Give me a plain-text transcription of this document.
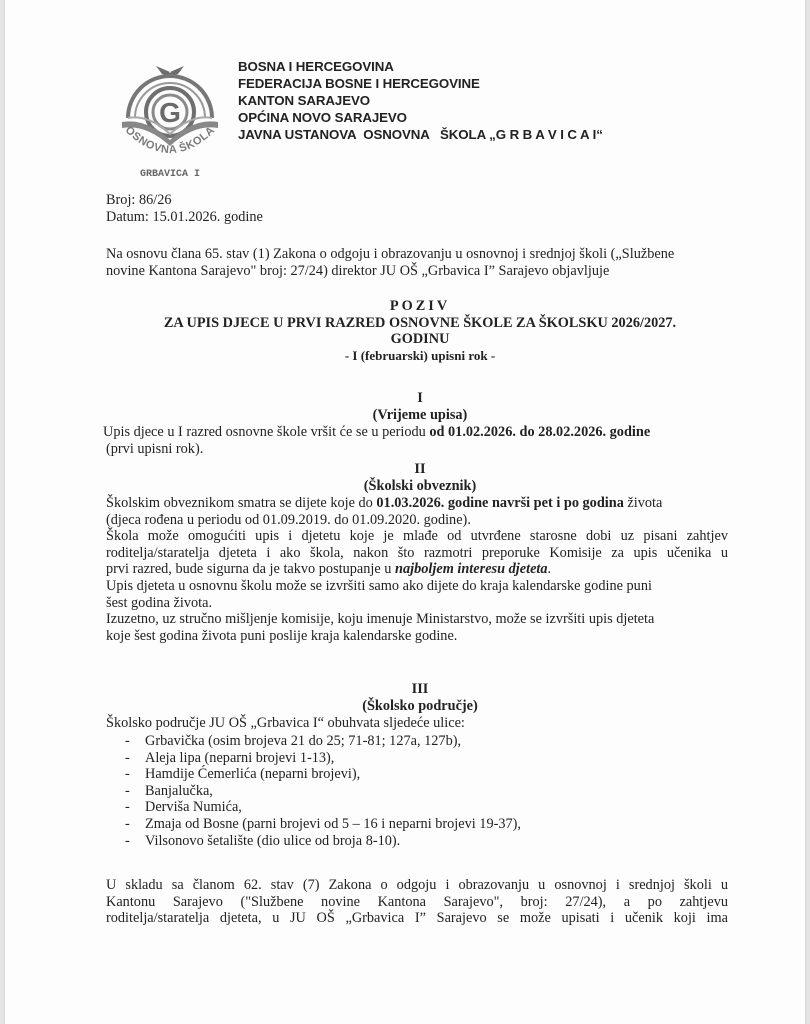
I
G
OSNOVNA ŠKOLA
GRBAVICA I
BOSNA I HERCEGOVINA
FEDERACIJA BOSNE I HERCEGOVINE
KANTON SARAJEVO
OPĆINA NOVO SARAJEVO
JAVNA USTANOVA  OSNOVNA   ŠKOLA „G R B A V I C A I“
Broj: 86/26
Datum: 15.01.2026. godine
Na osnovu člana 65. stav (1) Zakona o odgoju i obrazovanju u osnovnoj i srednjoj školi („Službene
novine Kantona Sarajevo" broj: 27/24) direktor JU OŠ „Grbavica I” Sarajevo objavljuje
POZIV
ZA UPIS DJECE U PRVI RAZRED OSNOVNE ŠKOLE ZA ŠKOLSKU 2026/2027.
GODINU
- I (februarski) upisni rok -
I
(Vrijeme upisa)
Upis djece u I razred osnovne škole vršit će se u periodu od 01.02.2026. do 28.02.2026. godine
(prvi upisni rok).
II
(Školski obveznik)
Školskim obveznikom smatra se dijete koje do 01.03.2026. godine navrši pet i po godina života
(djeca rođena u periodu od 01.09.2019. do 01.09.2020. godine).
Škola može omogućiti upis i djetetu koje je mlađe od utvrđene starosne dobi uz pisani zahtjev
roditelja/staratelja djeteta i ako škola, nakon što razmotri preporuke Komisije za upis učenika u
prvi razred, bude sigurna da je takvo postupanje u najboljem interesu djeteta.
Upis djeteta u osnovnu školu može se izvršiti samo ako dijete do kraja kalendarske godine puni
šest godina života.
Izuzetno, uz stručno mišljenje komisije, koju imenuje Ministarstvo, može se izvršiti upis djeteta
koje šest godina života puni poslije kraja kalendarske godine.
III
(Školsko područje)
Školsko područje JU OŠ „Grbavica I“ obuhvata sljedeće ulice:
-	Grbavička (osim brojeva 21 do 25; 71-81; 127a, 127b),
-	Aleja lipa (neparni brojevi 1-13),
-	Hamdije Ćemerlića (neparni brojevi),
-	Banjalučka,
-	Derviša Numića,
-	Zmaja od Bosne (parni brojevi od 5 – 16 i neparni brojevi 19-37),
-	Vilsonovo šetalište (dio ulice od broja 8-10).
U skladu sa članom 62. stav (7) Zakona o odgoju i obrazovanju u osnovnoj i srednjoj školi u
Kantonu Sarajevo ("Službene novine Kantona Sarajevo", broj: 27/24), a po zahtjevu
roditelja/staratelja djeteta, u JU OŠ „Grbavica I” Sarajevo se može upisati i učenik koji ima
